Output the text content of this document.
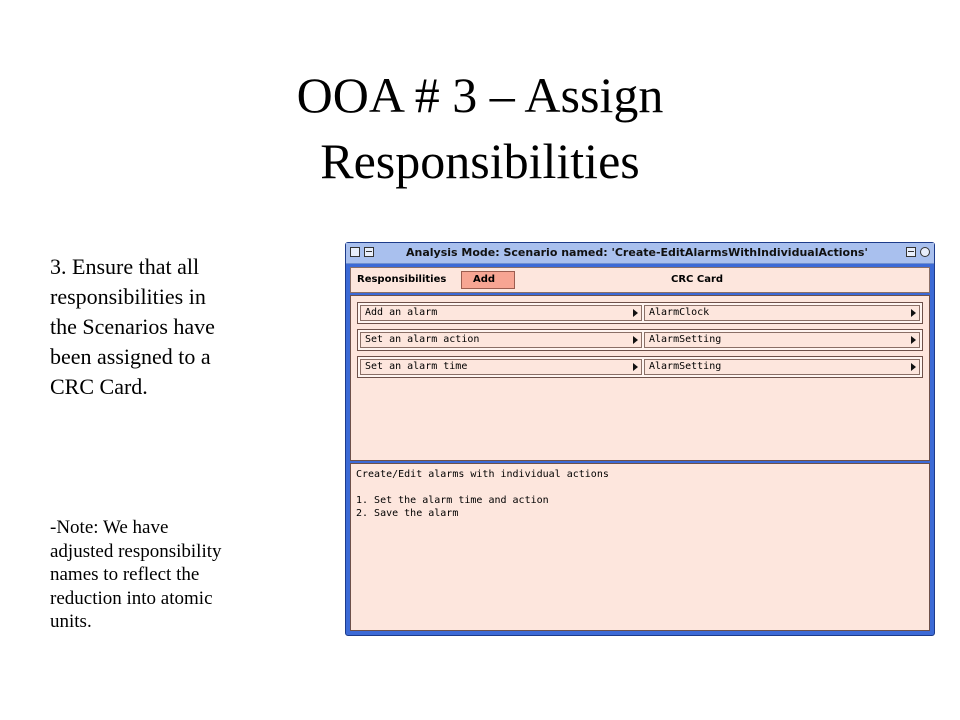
OOA # 3 – Assign
Responsibilities
3. Ensure that all
responsibilities in
the Scenarios have
been assigned to a
CRC Card.
-Note: We have
adjusted responsibility
names to reflect the
reduction into atomic
units.
Analysis Mode: Scenario named: 'Create-EditAlarmsWithIndividualActions'
Responsibilities	Add	CRC Card
Add an alarm	AlarmClock
Set an alarm action	AlarmSetting
Set an alarm time	AlarmSetting
Create/Edit alarms with individual actions
1. Set the alarm time and action
2. Save the alarm
